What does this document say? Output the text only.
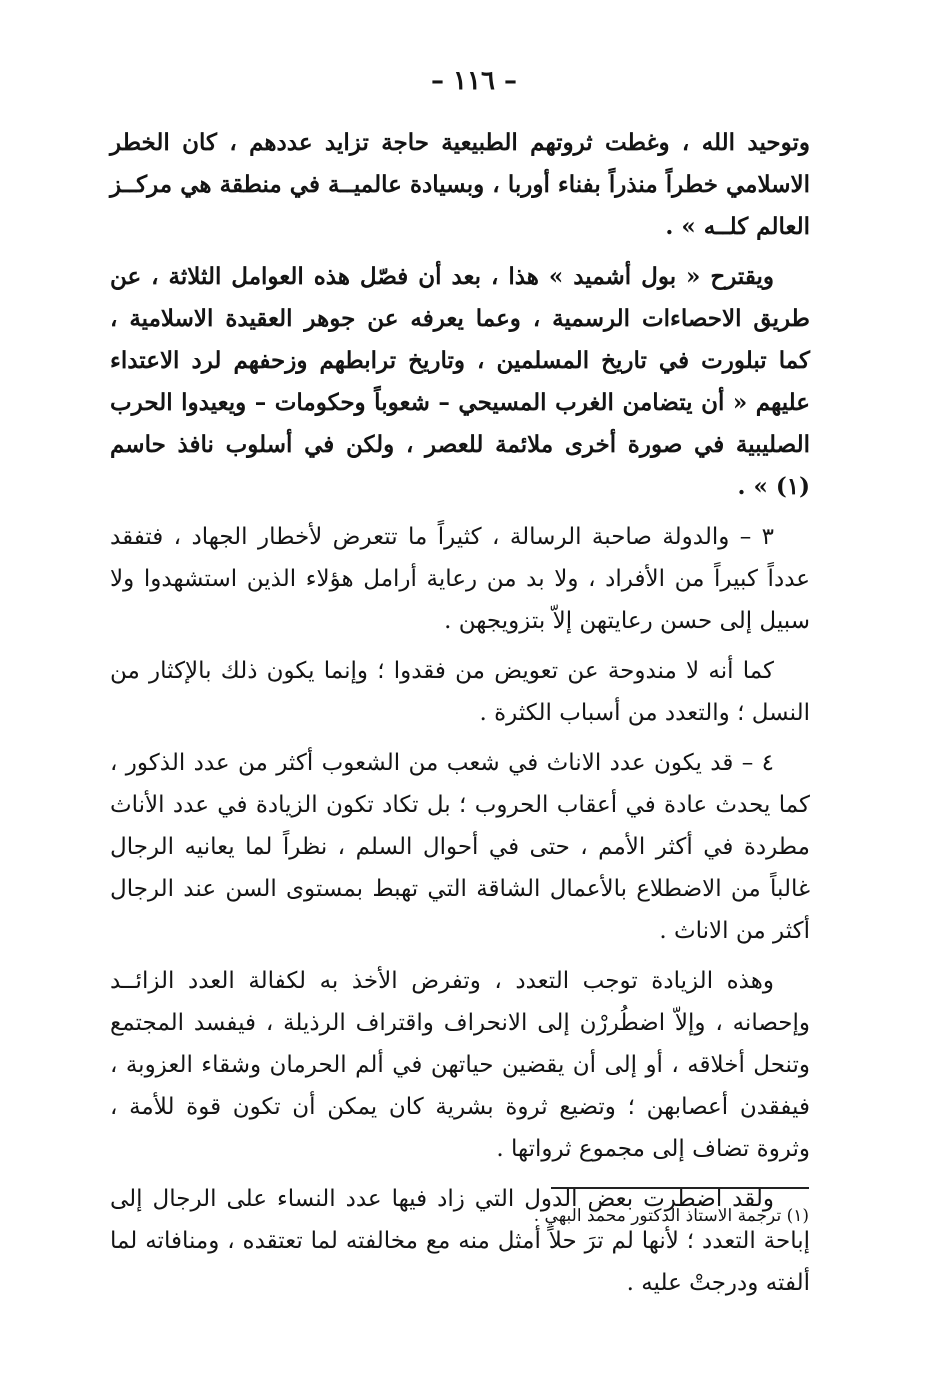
– ١١٦ –

وتوحيد الله ، وغطت ثروتهم الطبيعية حاجة تزايد عددهم ، كان الخطر الاسلامي خطراً منذراً بفناء أوربا ، وبسيادة عالميــة في منطقة هي مركــز العالم كلــه » .

ويقترح « بول أشميد » هذا ، بعد أن فصّل هذه العوامل الثلاثة ، عن طريق الاحصاءات الرسمية ، وعما يعرفه عن جوهر العقيدة الاسلامية ، كما تبلورت في تاريخ المسلمين ، وتاريخ ترابطهم وزحفهم لرد الاعتداء عليهم « أن يتضامن الغرب المسيحي – شعوباً وحكومات – ويعيدوا الحرب الصليبية في صورة أخرى ملائمة للعصر ، ولكن في أسلوب نافذ حاسم (١) » .

٣ – والدولة صاحبة الرسالة ، كثيراً ما تتعرض لأخطار الجهاد ، فتفقد عدداً كبيراً من الأفراد ، ولا بد من رعاية أرامل هؤلاء الذين استشهدوا ولا سبيل إلى حسن رعايتهن إلاّ بتزويجهن .

كما أنه لا مندوحة عن تعويض من فقدوا ؛ وإنما يكون ذلك بالإكثار من النسل ؛ والتعدد من أسباب الكثرة .

٤ – قد يكون عدد الاناث في شعب من الشعوب أكثر من عدد الذكور ، كما يحدث عادة في أعقاب الحروب ؛ بل تكاد تكون الزيادة في عدد الأناث مطردة في أكثر الأمم ، حتى في أحوال السلم ، نظراً لما يعانيه الرجال غالباً من الاضطلاع بالأعمال الشاقة التي تهبط بمستوى السن عند الرجال أكثر من الاناث .

وهذه الزيادة توجب التعدد ، وتفرض الأخذ به لكفالة العدد الزائــد وإحصانه ، وإلاّ اضطُررْن إلى الانحراف واقتراف الرذيلة ، فيفسد المجتمع وتنحل أخلاقه ، أو إلى أن يقضين حياتهن في ألم الحرمان وشقاء العزوبة ، فيفقدن أعصابهن ؛ وتضيع ثروة بشرية كان يمكن أن تكون قوة للأمة ، وثروة تضاف إلى مجموع ثرواتها .

ولقد اضطرت بعض الدول التي زاد فيها عدد النساء على الرجال إلى إباحة التعدد ؛ لأنها لم ترَ حلاً أمثل منه مع مخالفته لما تعتقده ، ومنافاته لما ألفته ودرجتْ عليه .

(١) ترجمة الاستاذ الدكتور محمد البهي .
